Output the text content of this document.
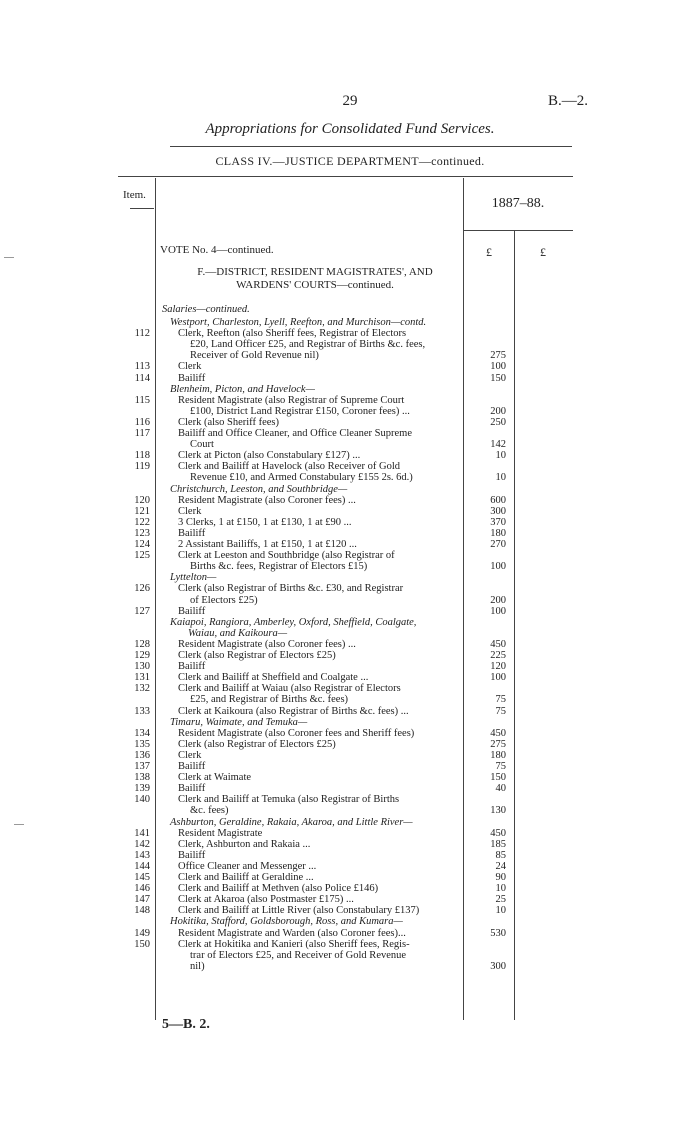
29	B.—2.
Appropriations for Consolidated Fund Services.
CLASS IV.—JUSTICE DEPARTMENT—continued.
Item.
1887–88.
£	£
VOTE No. 4—continued.
F.—DISTRICT, RESIDENT MAGISTRATES', AND WARDENS' COURTS—continued.
Salaries—continued.
Westport, Charleston, Lyell, Reefton, and Murchison—contd.
112	Clerk, Reefton (also Sheriff fees, Registrar of Electors
£20, Land Officer £25, and Registrar of Births &c. fees,
Receiver of Gold Revenue nil)	275
113	Clerk	100
114	Bailiff	150
Blenheim, Picton, and Havelock—
115	Resident Magistrate (also Registrar of Supreme Court
£100, District Land Registrar £150, Coroner fees) ...	200
116	Clerk (also Sheriff fees)	250
117	Bailiff and Office Cleaner, and Office Cleaner Supreme
Court	142
118	Clerk at Picton (also Constabulary £127) ...	10
119	Clerk and Bailiff at Havelock (also Receiver of Gold
Revenue £10, and Armed Constabulary £155 2s. 6d.)	10
Christchurch, Leeston, and Southbridge—
120	Resident Magistrate (also Coroner fees) ...	600
121	Clerk	300
122	3 Clerks, 1 at £150, 1 at £130, 1 at £90 ...	370
123	Bailiff	180
124	2 Assistant Bailiffs, 1 at £150, 1 at £120 ...	270
125	Clerk at Leeston and Southbridge (also Registrar of
Births &c. fees, Registrar of Electors £15)	100
Lyttelton—
126	Clerk (also Registrar of Births &c. £30, and Registrar
of Electors £25)	200
127	Bailiff	100
Kaiapoi, Rangiora, Amberley, Oxford, Sheffield, Coalgate,
Waiau, and Kaikoura—
128	Resident Magistrate (also Coroner fees) ...	450
129	Clerk (also Registrar of Electors £25)	225
130	Bailiff	120
131	Clerk and Bailiff at Sheffield and Coalgate ...	100
132	Clerk and Bailiff at Waiau (also Registrar of Electors
£25, and Registrar of Births &c. fees)	75
133	Clerk at Kaikoura (also Registrar of Births &c. fees) ...	75
Timaru, Waimate, and Temuka—
134	Resident Magistrate (also Coroner fees and Sheriff fees)	450
135	Clerk (also Registrar of Electors £25)	275
136	Clerk	180
137	Bailiff	75
138	Clerk at Waimate	150
139	Bailiff	40
140	Clerk and Bailiff at Temuka (also Registrar of Births
&c. fees)	130
Ashburton, Geraldine, Rakaia, Akaroa, and Little River—
141	Resident Magistrate	450
142	Clerk, Ashburton and Rakaia ...	185
143	Bailiff	85
144	Office Cleaner and Messenger ...	24
145	Clerk and Bailiff at Geraldine ...	90
146	Clerk and Bailiff at Methven (also Police £146)	10
147	Clerk at Akaroa (also Postmaster £175) ...	25
148	Clerk and Bailiff at Little River (also Constabulary £137)	10
Hokitika, Stafford, Goldsborough, Ross, and Kumara—
149	Resident Magistrate and Warden (also Coroner fees)...	530
150	Clerk at Hokitika and Kanieri (also Sheriff fees, Regis-
trar of Electors £25, and Receiver of Gold Revenue
nil)	300
5—B. 2.
